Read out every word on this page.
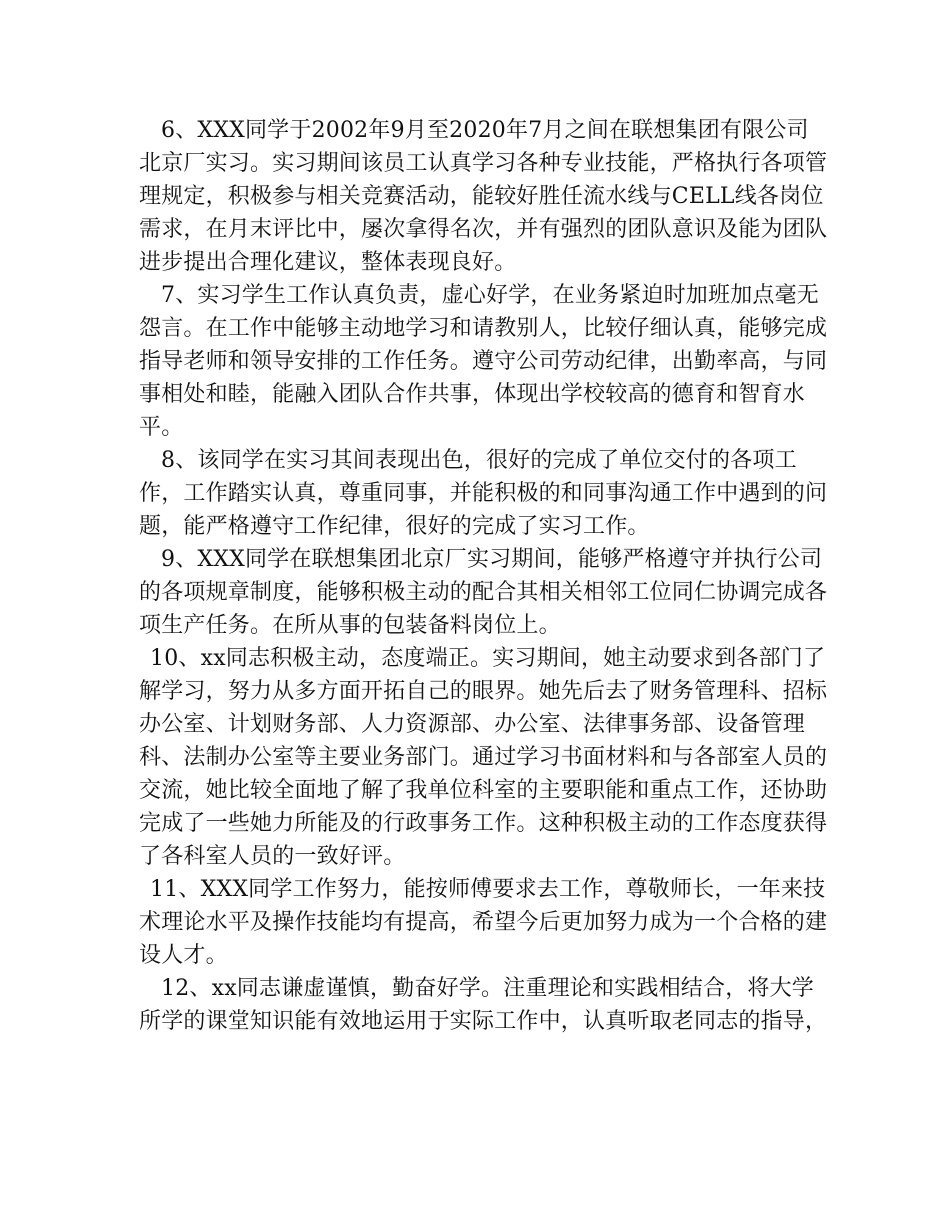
6、XXX同学于2002年9月至2020年7月之间在联想集团有限公司北京厂实习。实习期间该员工认真学习各种专业技能，严格执行各项管理规定，积极参与相关竞赛活动，能较好胜任流水线与CELL线各岗位需求，在月末评比中，屡次拿得名次，并有强烈的团队意识及能为团队进步提出合理化建议，整体表现良好。

7、实习学生工作认真负责，虚心好学，在业务紧迫时加班加点毫无怨言。在工作中能够主动地学习和请教别人，比较仔细认真，能够完成指导老师和领导安排的工作任务。遵守公司劳动纪律，出勤率高，与同事相处和睦，能融入团队合作共事，体现出学校较高的德育和智育水平。

8、该同学在实习其间表现出色，很好的完成了单位交付的各项工作，工作踏实认真，尊重同事，并能积极的和同事沟通工作中遇到的问题，能严格遵守工作纪律，很好的完成了实习工作。

9、XXX同学在联想集团北京厂实习期间，能够严格遵守并执行公司的各项规章制度，能够积极主动的配合其相关相邻工位同仁协调完成各项生产任务。在所从事的包装备料岗位上。

10、xx同志积极主动，态度端正。实习期间，她主动要求到各部门了解学习，努力从多方面开拓自己的眼界。她先后去了财务管理科、招标办公室、计划财务部、人力资源部、办公室、法律事务部、设备管理科、法制办公室等主要业务部门。通过学习书面材料和与各部室人员的交流，她比较全面地了解了我单位科室的主要职能和重点工作，还协助完成了一些她力所能及的行政事务工作。这种积极主动的工作态度获得了各科室人员的一致好评。

11、XXX同学工作努力，能按师傅要求去工作，尊敬师长，一年来技术理论水平及操作技能均有提高，希望今后更加努力成为一个合格的建设人才。

12、xx同志谦虚谨慎，勤奋好学。注重理论和实践相结合，将大学所学的课堂知识能有效地运用于实际工作中，认真听取老同志的指导，
